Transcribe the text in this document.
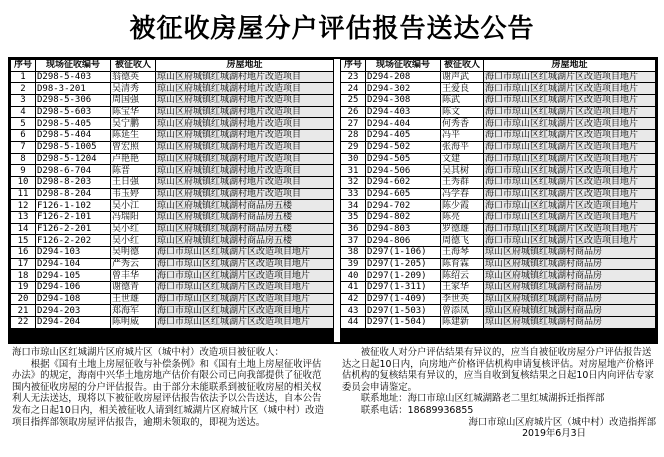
被征收房屋分户评估报告送达公告
序号	现场征收编号	被征收人	房屋地址
1	D298-5-403	翁德英	琼山区府城镇红城湖村地片改造项目
2	D98-3-201	吴清秀	琼山区府城镇红城湖村地片改造项目
3	D298-5-306	周国强	琼山区府城镇红城湖村地片改造项目
4	D298-5-603	陈宝华	琼山区府城镇红城湖村地片改造项目
5	D298-5-405	吴宁鹏	琼山区府城镇红城湖村地片改造项目
6	D298-5-404	陈延生	琼山区府城镇红城湖村地片改造项目
7	D298-5-1005	曾宏照	琼山区府城镇红城湖村地片改造项目
8	D298-5-1204	卢艳艳	琼山区府城镇红城湖村地片改造项目
9	D298-6-704	陈晋	琼山区府城镇红城湖村地片改造项目
10	D298-8-203	王日强	琼山区府城镇红城湖村地片改造项目
11	D298-8-204	韦玉婷	琼山区府城镇红城湖村地片改造项目
12	F126-1-102	吴小江	琼山区府城镇红城湖村商品房五楼
13	F126-2-101	冯瑞阳	琼山区府城镇红城湖村商品房五楼
14	F126-2-201	吴小红	琼山区府城镇红城湖村商品房五楼
15	F126-2-202	吴小红	琼山区府城镇红城湖村商品房五楼
16	D294-103	吴明德	海口市琼山区红城湖片区改造项目地片
17	D294-104	严秀云	海口市琼山区红城湖片区改造项目地片
18	D294-105	曾丰华	海口市琼山区红城湖片区改造项目地片
19	D294-106	谢德青	海口市琼山区红城湖片区改造项目地片
20	D294-108	王世雄	海口市琼山区红城湖片区改造项目地片
21	D294-203	郑海军	海口市琼山区红城湖片区改造项目地片
22	D294-204	陈明威	海口市琼山区红城湖片区改造项目地片
序号	现场征收编号	被征收人	房屋地址
23	D294-208	谢声武	海口市琼山区红城湖片区改造项目地片
24	D294-302	王爱良	海口市琼山区红城湖片区改造项目地片
25	D294-308	陈武	海口市琼山区红城湖片区改造项目地片
26	D294-403	陈文	海口市琼山区红城湖片区改造项目地片
27	D294-404	何秀香	海口市琼山区红城湖片区改造项目地片
28	D294-405	冯平	海口市琼山区红城湖片区改造项目地片
29	D294-502	张海平	海口市琼山区红城湖片区改造项目地片
30	D294-505	文建	海口市琼山区红城湖片区改造项目地片
31	D294-506	吴其树	海口市琼山区红城湖片区改造项目地片
32	D294-602	王秀群	海口市琼山区红城湖片区改造项目地片
33	D294-605	冯学春	海口市琼山区红城湖片区改造项目地片
34	D294-702	陈少霞	海口市琼山区红城湖片区改造项目地片
35	D294-802	陈亮	海口市琼山区红城湖片区改造项目地片
36	D294-803	罗德雄	海口市琼山区红城湖片区改造项目地片
37	D294-806	周德飞	海口市琼山区红城湖片区改造项目地片
38	D297(1-106)	王海琴	琼山区府城镇红城湖村商品房
39	D297(1-205)	陈育霖	琼山区府城镇红城湖村商品房
40	D297(1-209)	陈绍云	琼山区府城镇红城湖村商品房
41	D297(1-311)	王家华	琼山区府城镇红城湖村商品房
42	D297(1-409)	李世英	琼山区府城镇红城湖村商品房
43	D297(1-503)	曾添凤	琼山区府城镇红城湖村商品房
44	D297(1-504)	陈建新	琼山区府城镇红城湖村商品房

海口市琼山区红城湖片区府城片区（城中村）改造项目被征收人：

根据《国有土地上房屋征收与补偿条例》和《国有土地上房屋征收评估办法》的规定，海南中兴华土地房地产估价有限公司已向我部提供了征收范围内被征收房屋的分户评估报告。由于部分未能联系到被征收房屋的相关权利人无法送达，现将以下被征收房屋评估报告依法予以公告送达，自本公告发布之日起10日内，相关被征收人请到红城湖片区府城片区（城中村）改造项目指挥部领取房屋评估报告，逾期未领取的，即视为送达。

被征收人对分户评估结果有异议的，应当自被征收房屋分户评估报告送达之日起10日内，向房地产价格评估机构申请复核评估。对房屋地产价格评估机构的复核结果有异议的，应当自收到复核结果之日起10日内向评估专家委员会申请鉴定。

联系地址：海口市琼山区红城湖路老二里红城湖拆迁指挥部

联系电话：18689936855

海口市琼山区府城片区（城中村）改造指挥部

2019年6月3日
